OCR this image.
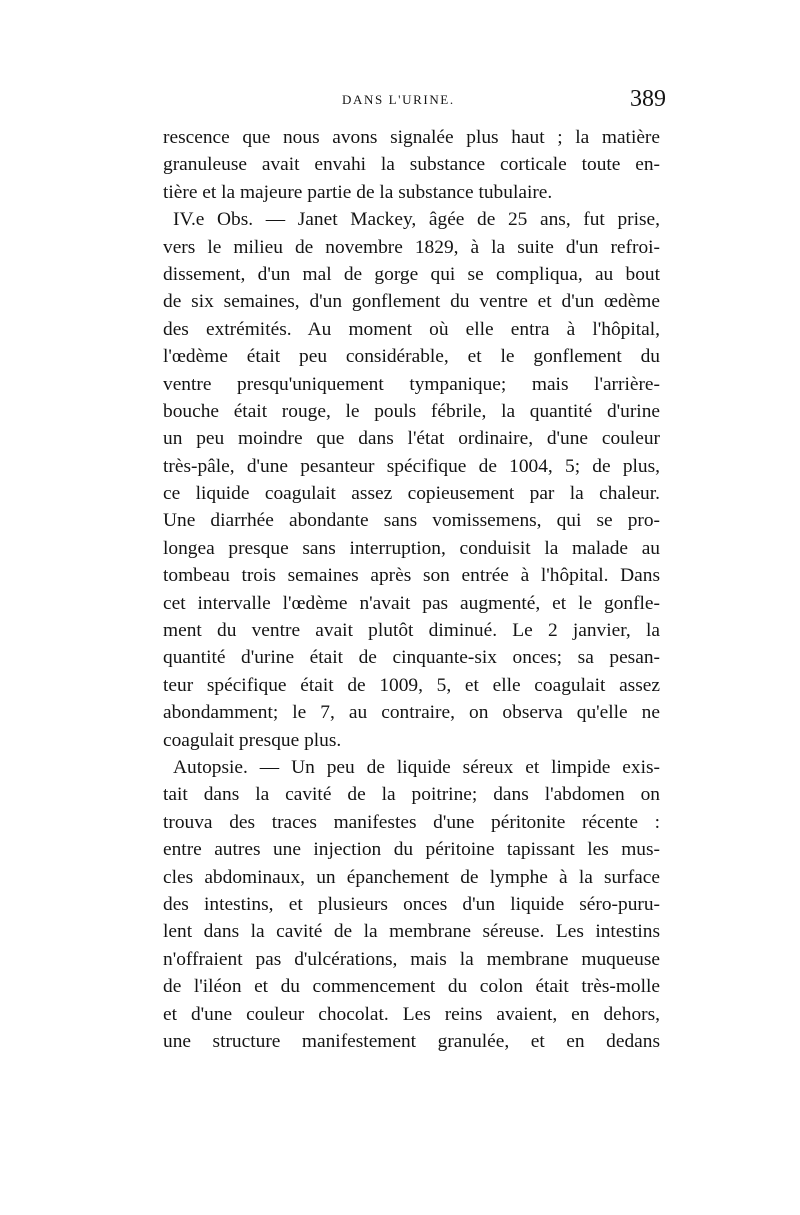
DANS L'URINE.	389
rescence que nous avons signalée plus haut ; la matière
granuleuse avait envahi la substance corticale toute en-
tière et la majeure partie de la substance tubulaire.
IV.e Obs. — Janet Mackey, âgée de 25 ans, fut prise,
vers le milieu de novembre 1829, à la suite d'un refroi-
dissement, d'un mal de gorge qui se compliqua, au bout
de six semaines, d'un gonflement du ventre et d'un œdème
des extrémités. Au moment où elle entra à l'hôpital,
l'œdème était peu considérable, et le gonflement du
ventre presqu'uniquement tympanique; mais l'arrière-
bouche était rouge, le pouls fébrile, la quantité d'urine
un peu moindre que dans l'état ordinaire, d'une couleur
très-pâle, d'une pesanteur spécifique de 1004, 5; de plus,
ce liquide coagulait assez copieusement par la chaleur.
Une diarrhée abondante sans vomissemens, qui se pro-
longea presque sans interruption, conduisit la malade au
tombeau trois semaines après son entrée à l'hôpital. Dans
cet intervalle l'œdème n'avait pas augmenté, et le gonfle-
ment du ventre avait plutôt diminué. Le 2 janvier, la
quantité d'urine était de cinquante-six onces; sa pesan-
teur spécifique était de 1009, 5, et elle coagulait assez
abondamment; le 7, au contraire, on observa qu'elle ne
coagulait presque plus.
Autopsie. — Un peu de liquide séreux et limpide exis-
tait dans la cavité de la poitrine; dans l'abdomen on
trouva des traces manifestes d'une péritonite récente :
entre autres une injection du péritoine tapissant les mus-
cles abdominaux, un épanchement de lymphe à la surface
des intestins, et plusieurs onces d'un liquide séro-puru-
lent dans la cavité de la membrane séreuse. Les intestins
n'offraient pas d'ulcérations, mais la membrane muqueuse
de l'iléon et du commencement du colon était très-molle
et d'une couleur chocolat. Les reins avaient, en dehors,
une structure manifestement granulée, et en dedans
